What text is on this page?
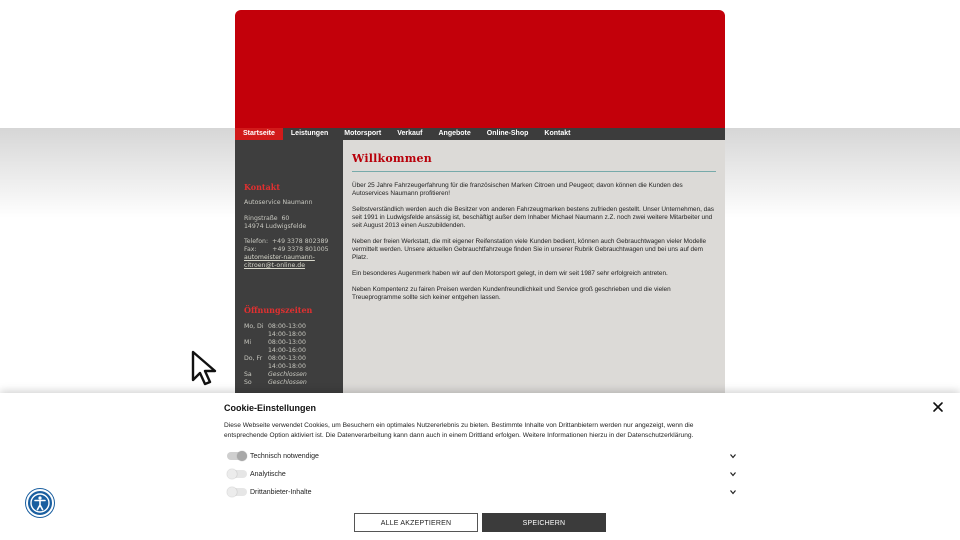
Startseite	Leistungen	Motorsport	Verkauf	Angebote	Online-Shop	Kontakt
Kontakt
Autoservice Naumann
Ringstraße  60
14974 Ludwigsfelde
Telefon:  +49 3378 802389
Fax:        +49 3378 801005
automeister-naumann-
citroen@t-online.de
Öffnungszeiten
Mo, Di 08:00-13:00
14:00-18:00
Mi	08:00-13:00
14:00-16:00
Do, Fr 08:00-13:00
14:00-18:00
Sa	Geschlossen
So	Geschlossen
Willkommen

Über 25 Jahre Fahrzeugerfahrung für die französischen Marken Citroen und Peugeot; davon können die Kunden des Autoservices Naumann profitieren!

Selbstverständlich werden auch die Besitzer von anderen Fahrzeugmarken bestens zufrieden gestellt. Unser Unternehmen, das seit 1991 in Ludwigsfelde ansässig ist, beschäftigt außer dem Inhaber Michael Naumann z.Z. noch zwei weitere Mitarbeiter und seit August 2013 einen Auszubildenden.

Neben der freien Werkstatt, die mit eigener Reifenstation viele Kunden bedient, können auch Gebrauchtwagen vieler Modelle vermittelt werden. Unsere aktuellen Gebrauchtfahrzeuge finden Sie in unserer Rubrik Gebrauchtwagen und bei uns auf dem Platz.

Ein besonderes Augenmerk haben wir auf den Motorsport gelegt, in dem wir seit 1987 sehr erfolgreich antreten.

Neben Kompentenz zu fairen Preisen werden Kundenfreundlichkeit und Service groß geschrieben und die vielen Treueprogramme sollte sich keiner entgehen lassen.

Cookie-Einstellungen

Diese Webseite verwendet Cookies, um Besuchern ein optimales Nutzererlebnis zu bieten. Bestimmte Inhalte von Drittanbietern werden nur angezeigt, wenn die entsprechende Option aktiviert ist. Die Datenverarbeitung kann dann auch in einem Drittland erfolgen. Weitere Informationen hierzu in der Datenschutzerklärung.

Technisch notwendige
Analytische
Drittanbieter-Inhalte
ALLE AKZEPTIEREN	SPEICHERN
